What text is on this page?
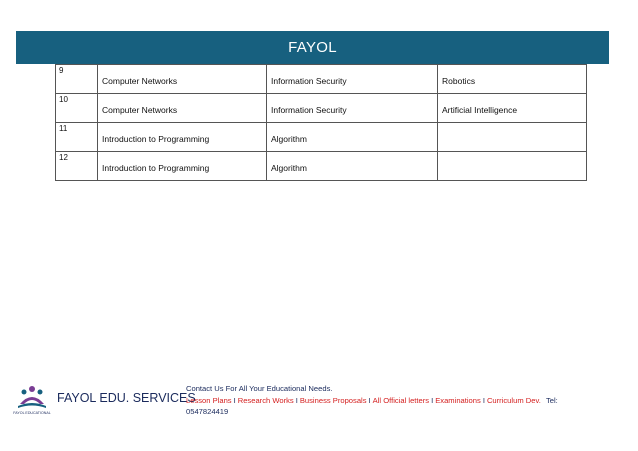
FAYOL
9	Computer Networks	Information Security	Robotics

10	Computer Networks	Information Security	Artificial Intelligence

11	Introduction to Programming	Algorithm	

12	Introduction to Programming	Algorithm	

FAYOL EDUCATIONAL
FAYOL EDU. SERVICES
Contact Us For All Your Educational Needs.
Lesson Plans I Research Works I Business Proposals I All Official letters I Examinations I Curriculum Dev. Tel:
0547824419
